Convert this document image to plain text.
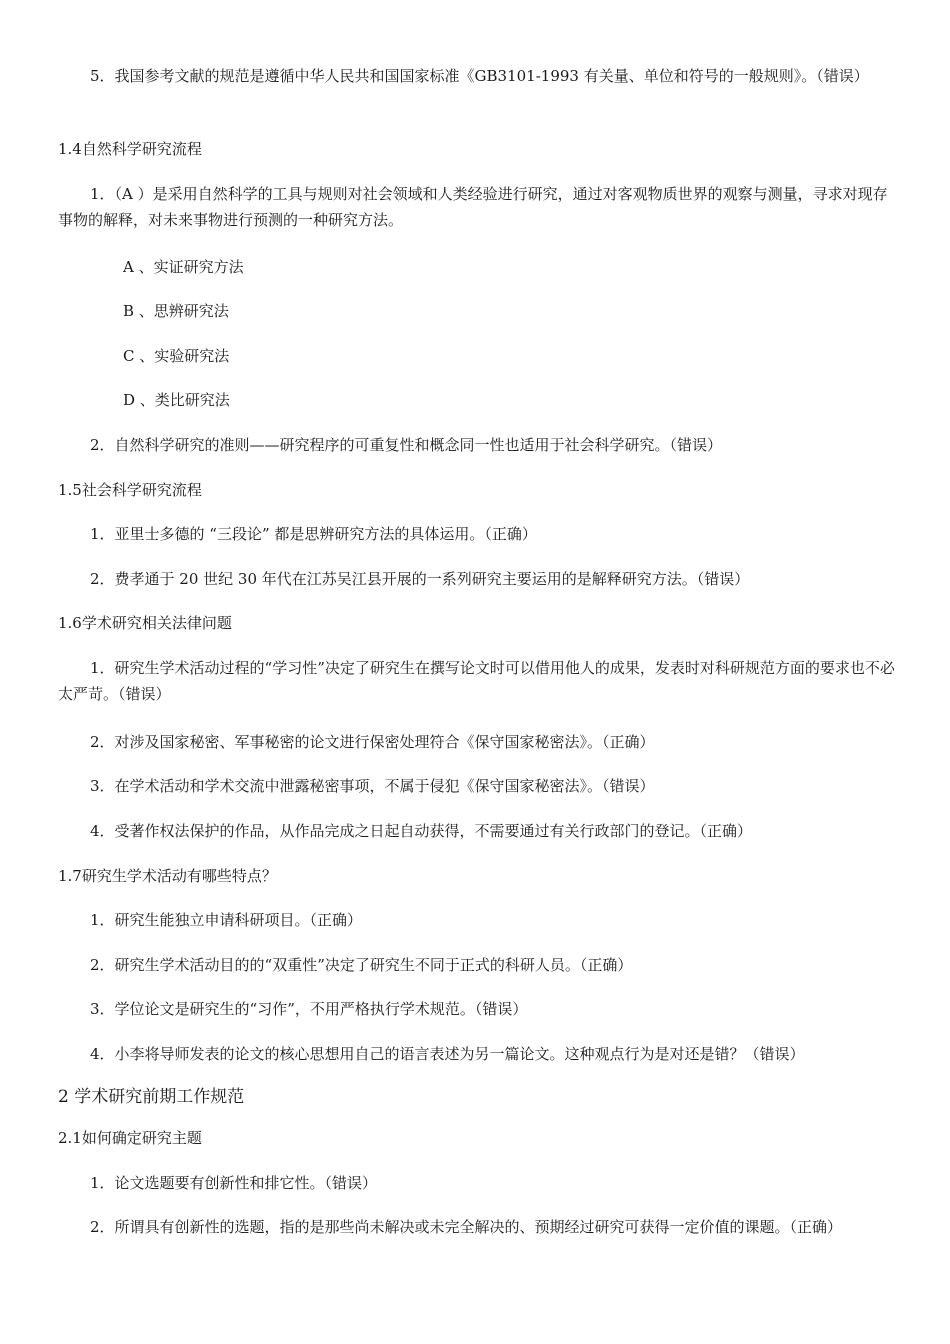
5．我国参考文献的规范是遵循中华人民共和国国家标准《GB3101-1993 有关量、单位和符号的一般规则》。（错误）
1.4自然科学研究流程
1．（A ）是采用自然科学的工具与规则对社会领域和人类经验进行研究，通过对客观物质世界的观察与测量，寻求对现存事物的解释，对未来事物进行预测的一种研究方法。
A 、实证研究方法
B 、思辨研究法
C 、实验研究法
D 、类比研究法
2．自然科学研究的准则——研究程序的可重复性和概念同一性也适用于社会科学研究。（错误）
1.5社会科学研究流程
1．亚里士多德的 “三段论” 都是思辨研究方法的具体运用。（正确）
2．费孝通于 20 世纪 30 年代在江苏吴江县开展的一系列研究主要运用的是解释研究方法。（错误）
1.6学术研究相关法律问题
1．研究生学术活动过程的“学习性”决定了研究生在撰写论文时可以借用他人的成果，发表时对科研规范方面的要求也不必太严苛。（错误）
2．对涉及国家秘密、军事秘密的论文进行保密处理符合《保守国家秘密法》。（正确）
3．在学术活动和学术交流中泄露秘密事项，不属于侵犯《保守国家秘密法》。（错误）
4．受著作权法保护的作品，从作品完成之日起自动获得，不需要通过有关行政部门的登记。（正确）
1.7研究生学术活动有哪些特点？
1．研究生能独立申请科研项目。（正确）
2．研究生学术活动目的的“双重性”决定了研究生不同于正式的科研人员。（正确）
3．学位论文是研究生的“习作”，不用严格执行学术规范。（错误）
4．小李将导师发表的论文的核心思想用自己的语言表述为另一篇论文。这种观点行为是对还是错？（错误）
2 学术研究前期工作规范
2.1如何确定研究主题
1．论文选题要有创新性和排它性。（错误）
2．所谓具有创新性的选题，指的是那些尚未解决或未完全解决的、预期经过研究可获得一定价值的课题。（正确）
